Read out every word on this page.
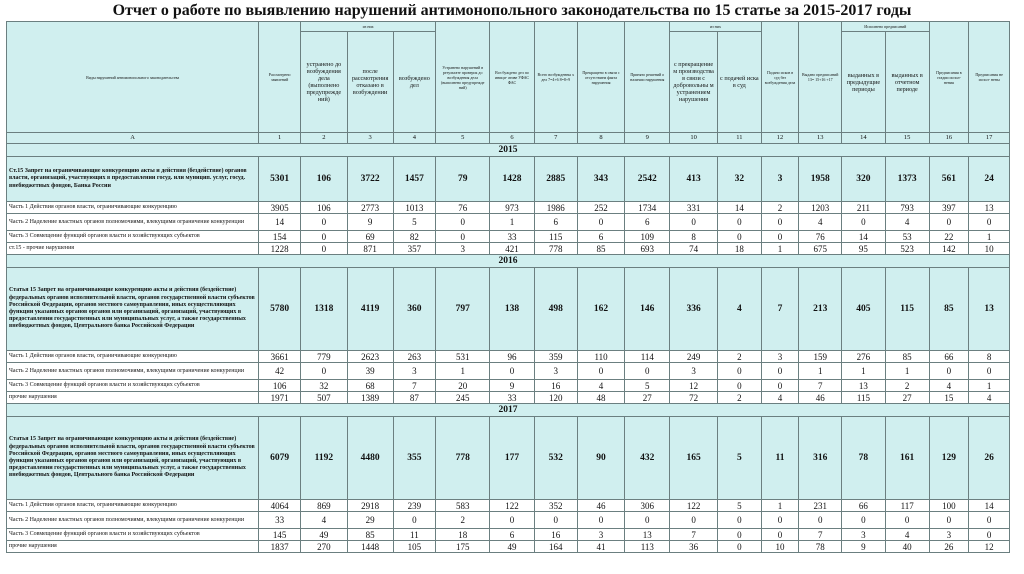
Отчет о работе по выявлению нарушений антимонопольного законодательства по 15 статье за 2015-2017 годы
Виды нарушений антимонопольного законодательства	Рассмотрено заявлений	из них			Устранено нарушений в результате проверок до возбуждения дела (выполнено предупрежде ний)	Воз буждено дел по иници- ативе УФАС ФАС	Всего возбужденны х дел 7=4+6 8=8+9	Прекращено в связи с отсутствием факта нарушения	Принято решений о наличии нарушения	из них		Подано исков в суд без возбуждения дела	Выдано предписаний 13= 15+16 +17	Исполнено предписаний		Предписания в стадии испол- нения	Предписания не испол- нены
		устранено до возбуждения дела (выполнено предупрежде ний)	после рассмотрения отказано в возбуждении	возбуждено дел						с прекращение м производства в связи с добровольны м устранением нарушения	с подачей иска в суд			выданных в предыдущие периоды	выданных в отчетном периоде		
A	1	2	3	4	5	6	7	8	9	10	11	12	13	14	15	16	17
2015																	
Ст.15 Запрет на ограничивающие конкуренцию акты и действия (бездействие) органов власти, организаций, участвующих в предоставлении госуд. или муницип. услуг, госуд. внебюджетных фондов, Банка России	5301	106	3722	1457	79	1428	2885	343	2542	413	32	3	1958	320	1373	561	24
Часть 1 Действия органов власти, ограничивающие конкуренцию	3905	106	2773	1013	76	973	1986	252	1734	331	14	2	1203	211	793	397	13
Часть 2 Наделение властных органов полномочиями, влекущими ограничение конкуренции	14	0	9	5	0	1	6	0	6	0	0	0	4	0	4	0	0
Часть 3 Совмещение функций органов власти и хозяйствующих субъектов	154	0	69	82	0	33	115	6	109	8	0	0	76	14	53	22	1
ст.15 - прочие нарушения	1228	0	871	357	3	421	778	85	693	74	18	1	675	95	523	142	10
2016																	
Статья 15 Запрет на ограничивающие конкуренцию акты и действия (бездействие) федеральных органов исполнительной власти, органов государственной власти субъектов Российской Федерации, органов местного самоуправления, иных осуществляющих функции указанных органов органов или организаций, организаций, участвующих в предоставлении государственных или муниципальных услуг, а также государственных внебюджетных фондов, Центрального банка Российской Федерации	5780	1318	4119	360	797	138	498	162	146	336	4	7	213	405	115	85	13
Часть 1 Действия органов власти, ограничивающие конкуренцию	3661	779	2623	263	531	96	359	110	114	249	2	3	159	276	85	66	8
Часть 2 Наделение властных органов полномочиями, влекущими ограничение конкуренции	42	0	39	3	1	0	3	0	0	3	0	0	1	1	1	0	0
Часть 3 Совмещение функций органов власти и хозяйствующих субъектов	106	32	68	7	20	9	16	4	5	12	0	0	7	13	2	4	1
прочие нарушения	1971	507	1389	87	245	33	120	48	27	72	2	4	46	115	27	15	4
2017																	
Статья 15 Запрет на ограничивающие конкуренцию акты и действия (бездействие) федеральных органов исполнительной власти, органов государственной власти субъектов Российской Федерации, органов местного самоуправления, иных осуществляющих функции указанных органов органов или организаций, организаций, участвующих в предоставлении государственных или муниципальных услуг, а также государственных внебюджетных фондов, Центрального банка Российской Федерации	6079	1192	4480	355	778	177	532	90	432	165	5	11	316	78	161	129	26
Часть 1 Действия органов власти, ограничивающие конкуренцию	4064	869	2918	239	583	122	352	46	306	122	5	1	231	66	117	100	14
Часть 2 Наделение властных органов полномочиями, влекущими ограничение конкуренции	33	4	29	0	2	0	0	0	0	0	0	0	0	0	0	0	0
Часть 3 Совмещение функций органов власти и хозяйствующих субъектов	145	49	85	11	18	6	16	3	13	7	0	0	7	3	4	3	0
прочие нарушения	1837	270	1448	105	175	49	164	41	113	36	0	10	78	9	40	26	12
